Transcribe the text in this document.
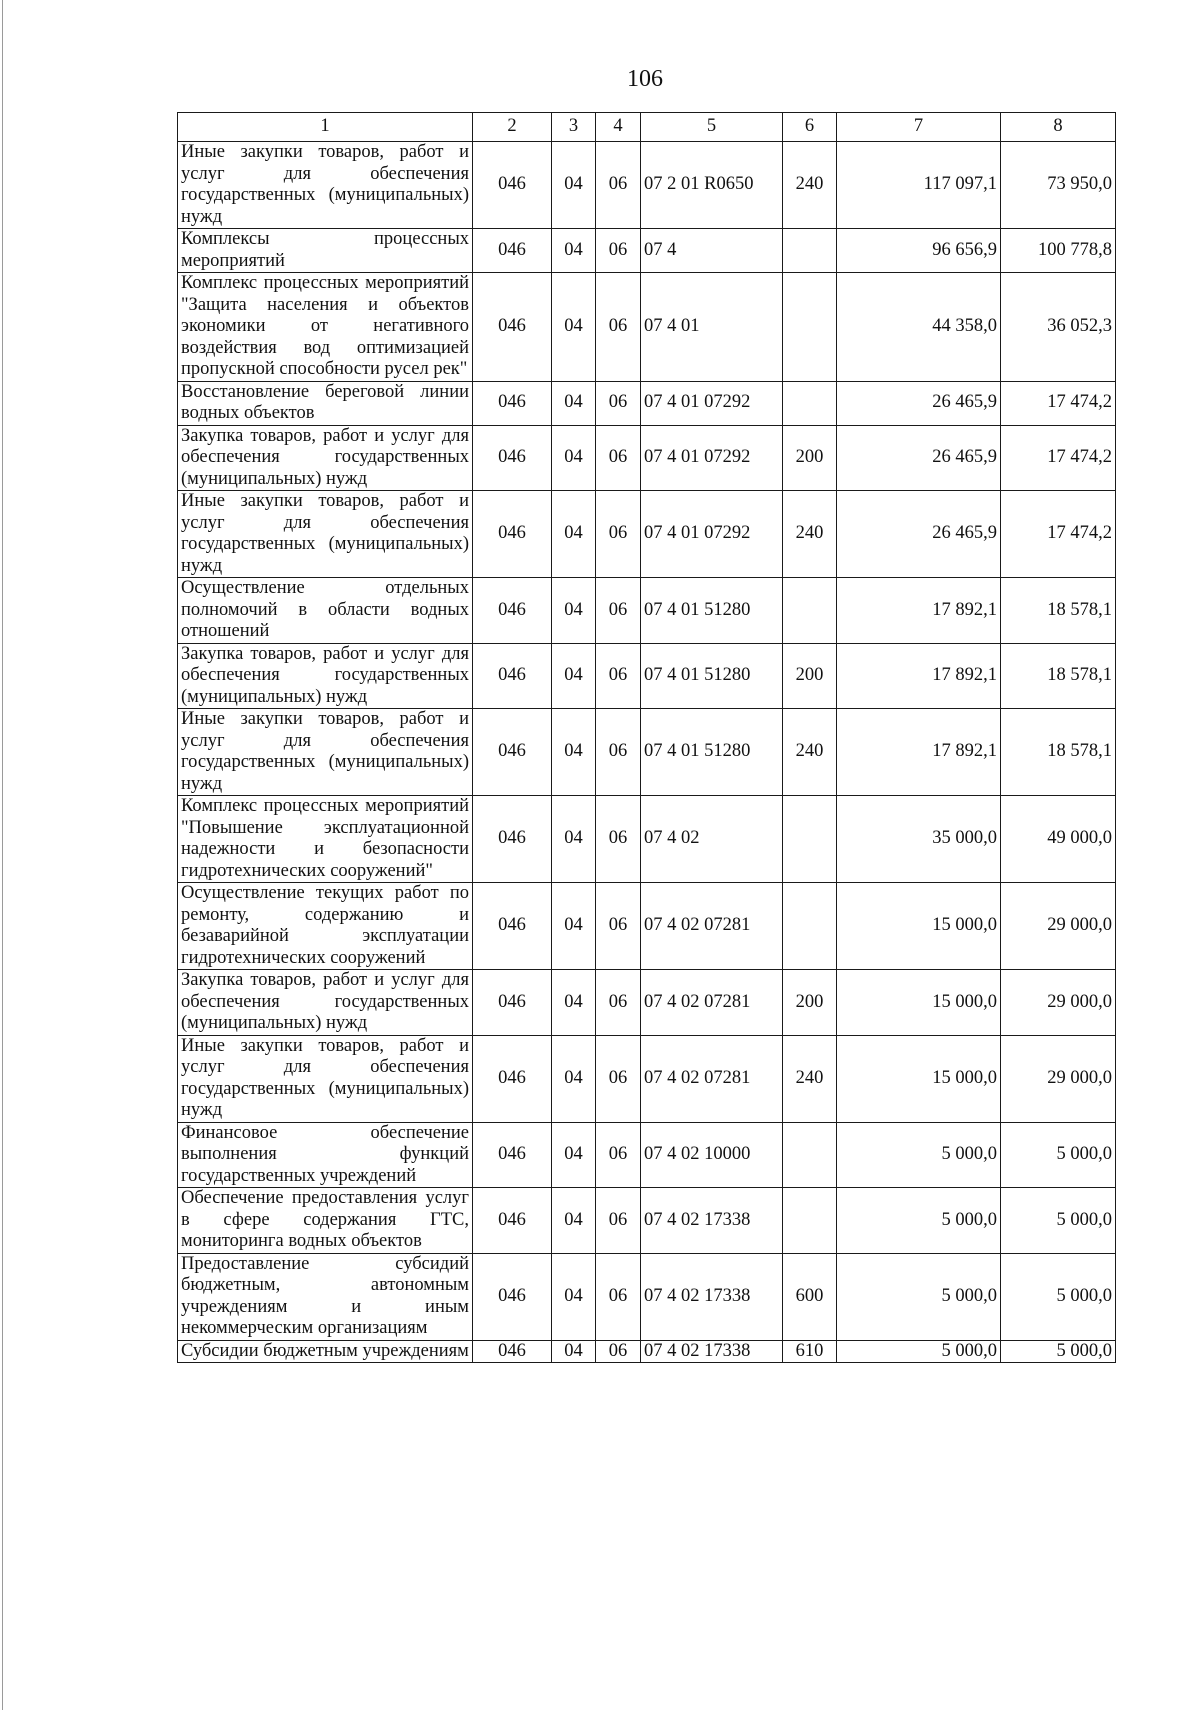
106
1	2	3	4	5	6	7	8
Иные закупки товаров, работ и услуг для обеспечения государственных (муниципальных) нужд	046	04	06	07 2 01 R0650	240	117 097,1	73 950,0
Комплексы процессных мероприятий	046	04	06	07 4		96 656,9	100 778,8
Комплекс процессных мероприятий "Защита населения и объектов экономики от негативного воздействия вод оптимизацией пропускной способности русел рек"	046	04	06	07 4 01		44 358,0	36 052,3
Восстановление береговой линии водных объектов	046	04	06	07 4 01 07292		26 465,9	17 474,2
Закупка товаров, работ и услуг для обеспечения государственных (муниципальных) нужд	046	04	06	07 4 01 07292	200	26 465,9	17 474,2
Иные закупки товаров, работ и услуг для обеспечения государственных (муниципальных) нужд	046	04	06	07 4 01 07292	240	26 465,9	17 474,2
Осуществление отдельных полномочий в области водных отношений	046	04	06	07 4 01 51280		17 892,1	18 578,1
Закупка товаров, работ и услуг для обеспечения государственных (муниципальных) нужд	046	04	06	07 4 01 51280	200	17 892,1	18 578,1
Иные закупки товаров, работ и услуг для обеспечения государственных (муниципальных) нужд	046	04	06	07 4 01 51280	240	17 892,1	18 578,1
Комплекс процессных мероприятий "Повышение эксплуатационной надежности и безопасности гидротехнических сооружений"	046	04	06	07 4 02		35 000,0	49 000,0
Осуществление текущих работ по ремонту, содержанию и безаварийной эксплуатации гидротехнических сооружений	046	04	06	07 4 02 07281		15 000,0	29 000,0
Закупка товаров, работ и услуг для обеспечения государственных (муниципальных) нужд	046	04	06	07 4 02 07281	200	15 000,0	29 000,0
Иные закупки товаров, работ и услуг для обеспечения государственных (муниципальных) нужд	046	04	06	07 4 02 07281	240	15 000,0	29 000,0
Финансовое обеспечение выполнения функций государственных учреждений	046	04	06	07 4 02 10000		5 000,0	5 000,0
Обеспечение предоставления услуг в сфере содержания ГТС, мониторинга водных объектов	046	04	06	07 4 02 17338		5 000,0	5 000,0
Предоставление субсидий бюджетным, автономным учреждениям и иным некоммерческим организациям	046	04	06	07 4 02 17338	600	5 000,0	5 000,0
Субсидии бюджетным учреждениям	046	04	06	07 4 02 17338	610	5 000,0	5 000,0
